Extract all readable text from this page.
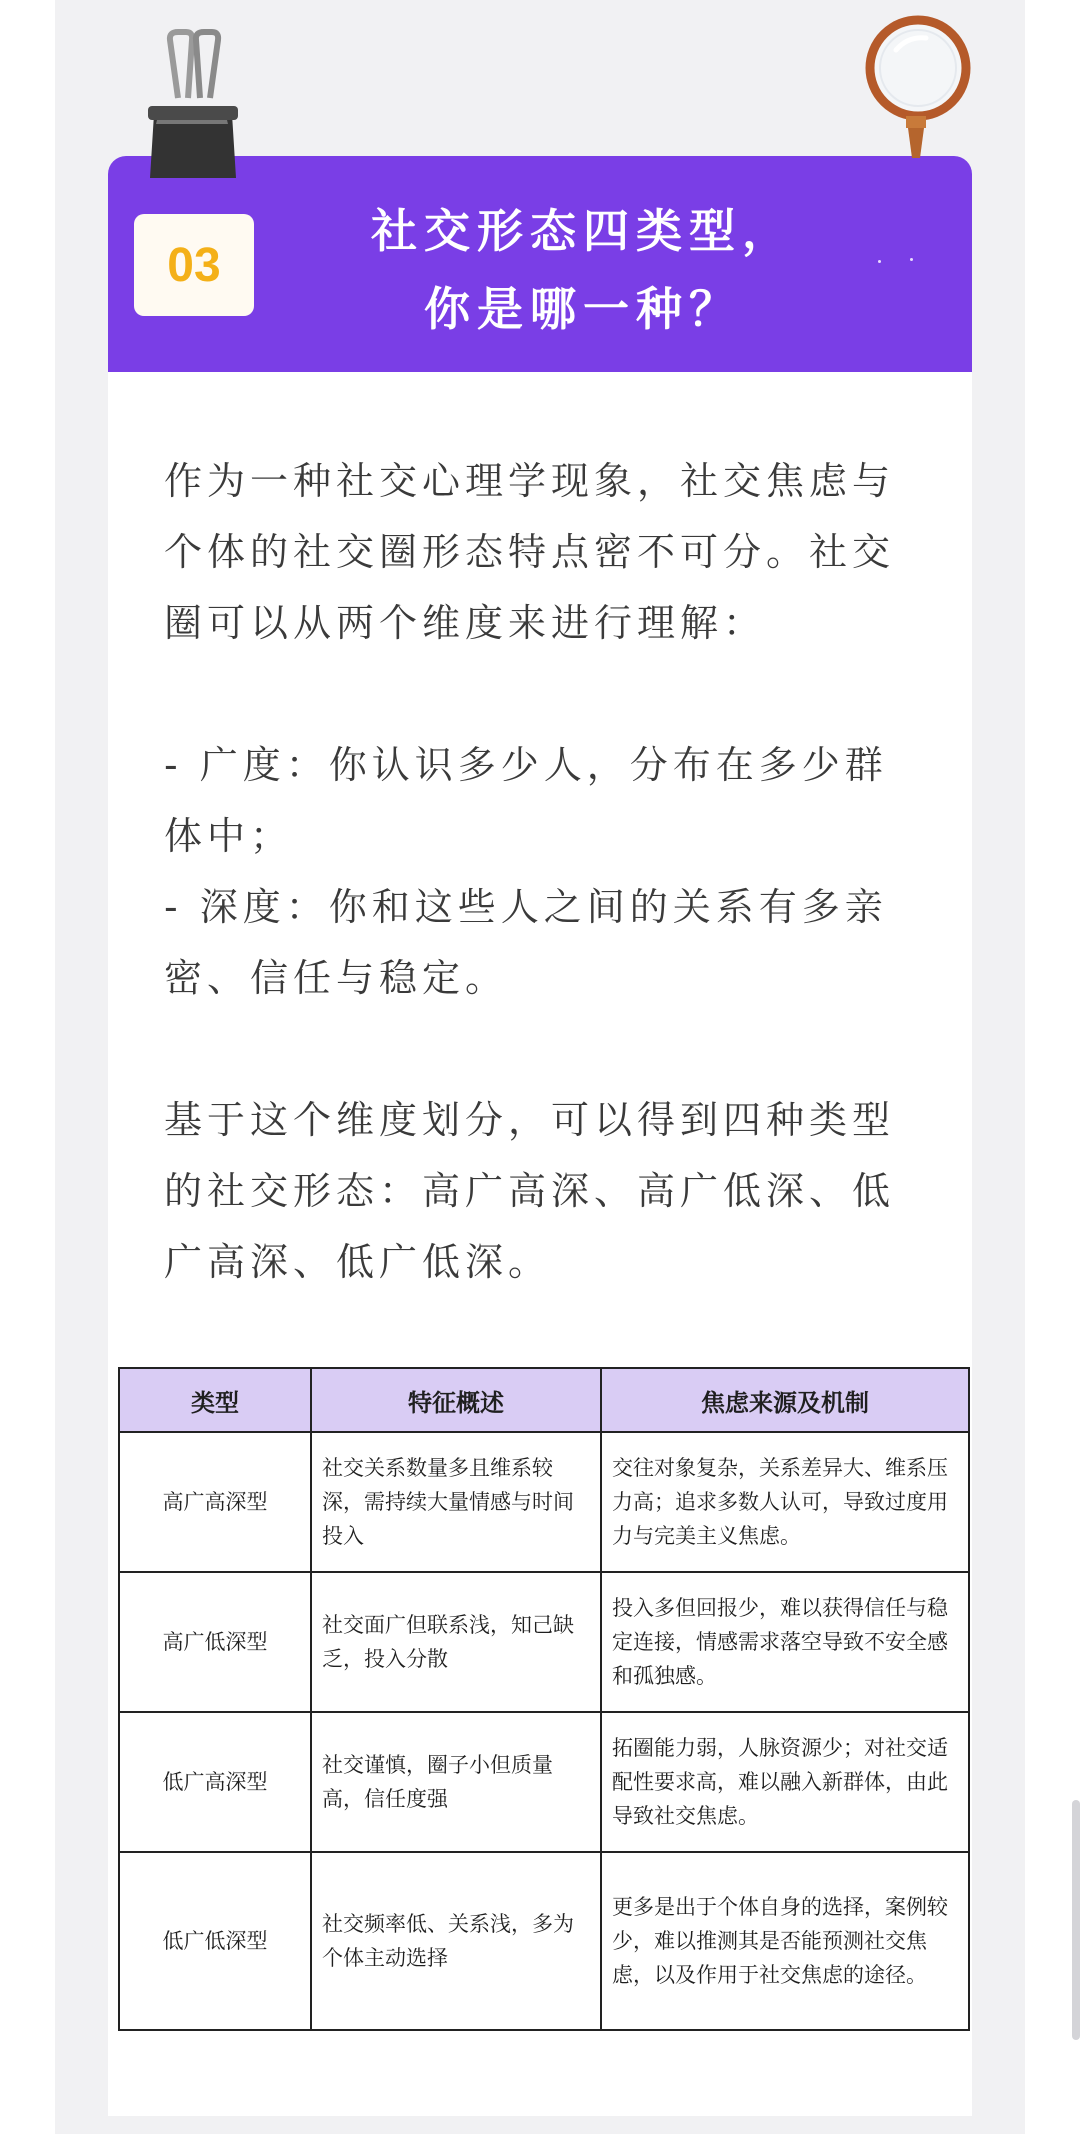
03
社交形态四类型，
你是哪一种？

作为一种社交心理学现象，社交焦虑与

个体的社交圈形态特点密不可分。社交

圈可以从两个维度来进行理解：

- 广度：你认识多少人，分布在多少群

体中；

- 深度：你和这些人之间的关系有多亲

密、信任与稳定。

基于这个维度划分，可以得到四种类型

的社交形态：高广高深、高广低深、低

广高深、低广低深。

类型	特征概述	焦虑来源及机制
高广高深型	社交关系数量多且维系较深，需持续大量情感与时间投入	交往对象复杂，关系差异大、维系压力高；追求多数人认可，导致过度用力与完美主义焦虑。
高广低深型	社交面广但联系浅，知己缺乏，投入分散	投入多但回报少，难以获得信任与稳定连接，情感需求落空导致不安全感和孤独感。
低广高深型	社交谨慎，圈子小但质量高，信任度强	拓圈能力弱，人脉资源少；对社交适配性要求高，难以融入新群体，由此导致社交焦虑。
低广低深型	社交频率低、关系浅，多为个体主动选择	更多是出于个体自身的选择，案例较少，难以推测其是否能预测社交焦虑，以及作用于社交焦虑的途径。
